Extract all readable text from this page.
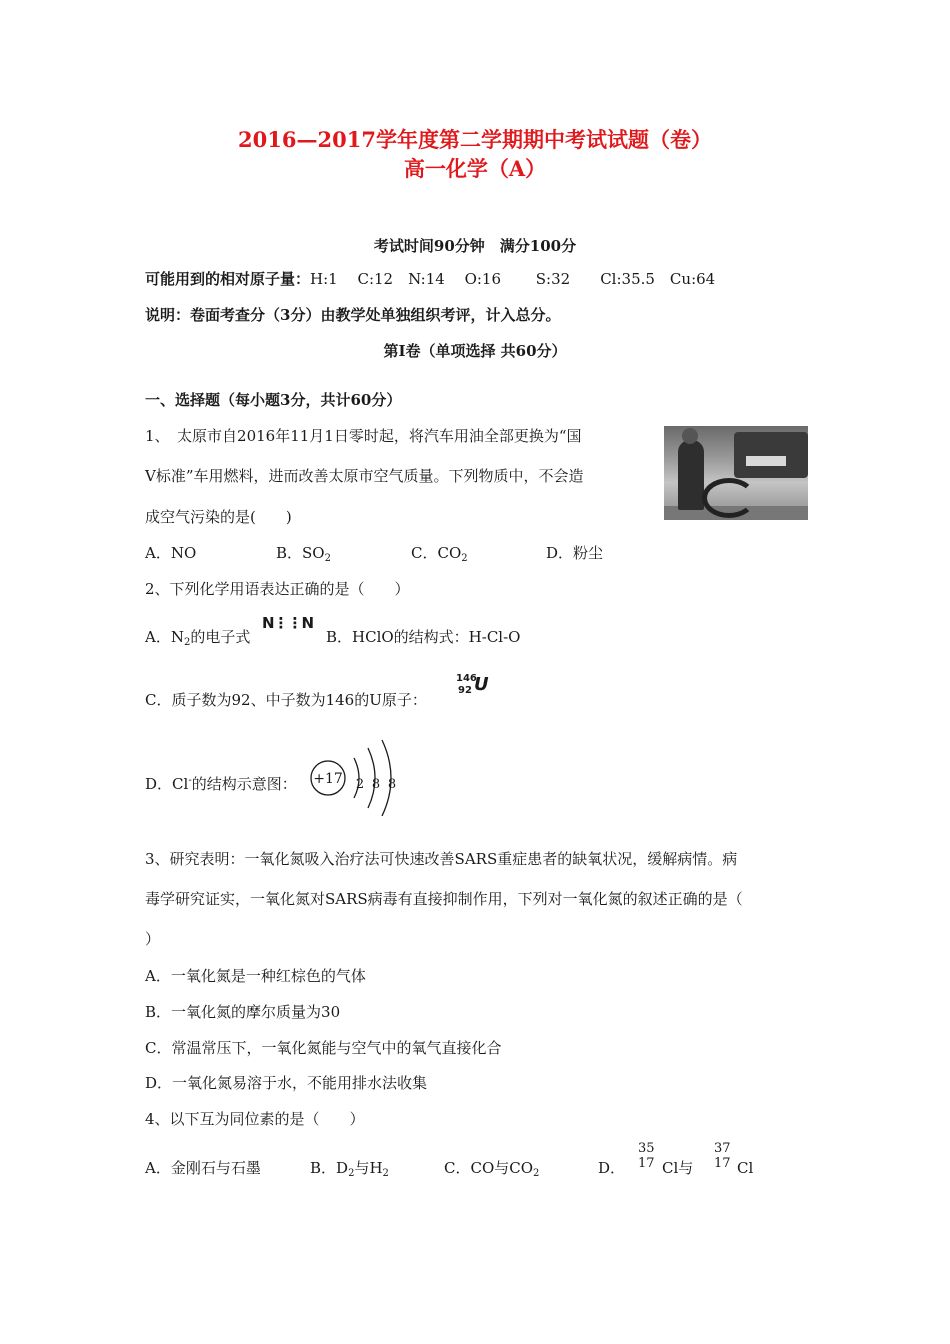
2016—2017学年度第二学期期中考试试题（卷）
高一化学（A）
考试时间90分钟　满分100分
可能用到的相对原子量：H:1　 C:12　N:14　 O:16　　 S:32　　Cl:35.5　Cu:64
说明：卷面考查分（3分）由教学处单独组织考评，计入总分。
第Ⅰ卷（单项选择 共60分）
一、选择题（每小题3分，共计60分）
1、　太原市自2016年11月1日零时起，将汽车用油全部更换为“国
Ⅴ标准”车用燃料，进而改善太原市空气质量。下列物质中，不会造
成空气污染的是(　　)
A．NO	B．$SO_2$	C．$CO_2$	D．粉尘
2、下列化学用语表达正确的是（　　）
A．$N_2$的电子式
N⋮⋮N
B．HClO的结构式：H-Cl-O
C．质子数为92、中子数为146的U原子：
146
92 U
D．Cl-的结构示意图： +17 2 8 8
3、研究表明：一氧化氮吸入治疗法可快速改善SARS重症患者的缺氧状况，缓解病情。病
毒学研究证实，一氧化氮对SARS病毒有直接抑制作用，下列对一氧化氮的叙述正确的是（
）
A．一氧化氮是一种红棕色的气体
B．一氧化氮的摩尔质量为30
C．常温常压下，一氧化氮能与空气中的氧气直接化合
D．一氧化氮易溶于水，不能用排水法收集
4、以下互为同位素的是（　　）
A．金刚石与石墨	B．$D_2$与$H_2$	C．CO与$CO_2$	D．
35
17 Cl与
37
17 Cl
